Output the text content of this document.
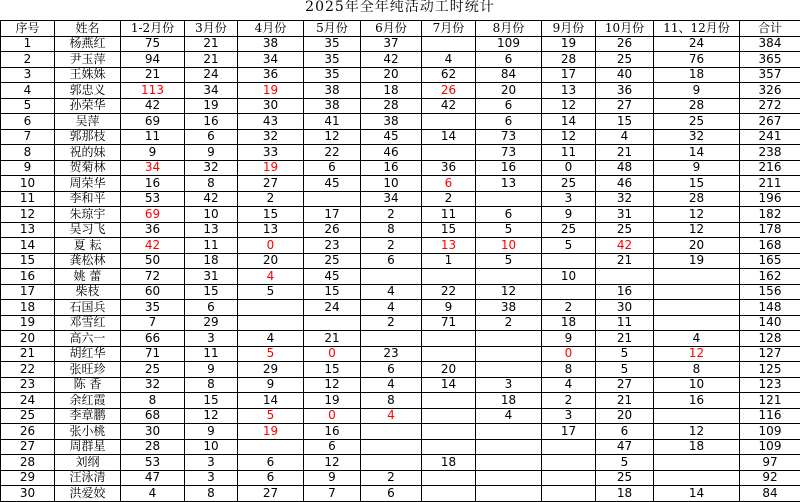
2025年全年纯活动工时统计
序号	姓名	1-2月份	3月份	4月份	5月份	6月份	7月份	8月份	9月份	10月份	11、12月份	合计
1	杨燕红	75	21	38	35	37		109	19	26	24	384
2	尹玉萍	94	21	34	35	42	4	6	28	25	76	365
3	王姝姝	21	24	36	35	20	62	84	17	40	18	357
4	郭忠义	113	34	19	38	18	26	20	13	36	9	326
5	孙荣华	42	19	30	38	28	42	6	12	27	28	272
6	吴萍	69	16	43	41	38		6	14	15	25	267
7	郭那枝	11	6	32	12	45	14	73	12	4	32	241
8	祝的妹	9	9	33	22	46		73	11	21	14	238
9	贺菊林	34	32	19	6	16	36	16	0	48	9	216
10	周荣华	16	8	27	45	10	6	13	25	46	15	211
11	李和平	53	42	2		34	2		3	32	28	196
12	朱琼宇	69	10	15	17	2	11	6	9	31	12	182
13	吴习飞	36	13	13	26	8	15	5	25	25	12	178
14	夏 耘	42	11	0	23	2	13	10	5	42	20	168
15	龚松林	50	18	20	25	6	1	5		21	19	165
16	姚 蕾	72	31	4	45				10			162
17	柴枝	60	15	5	15	4	22	12		16		156
18	石国兵	35	6		24	4	9	38	2	30		148
19	邓雪红	7	29			2	71	2	18	11		140
20	高六一	66	3	4	21				9	21	4	128
21	胡红华	71	11	5	0	23			0	5	12	127
22	张旺珍	25	9	29	15	6	20		8	5	8	125
23	陈 香	32	8	9	12	4	14	3	4	27	10	123
24	余红霞	8	15	14	19	8		18	2	21	16	121
25	李章鹏	68	12	5	0	4		4	3	20		116
26	张小桃	30	9	19	16				17	6	12	109
27	周群星	28	10		6					47	18	109
28	刘纲	53	3	6	12		18			5		97
29	汪泳清	47	3	6	9	2				25		92
30	洪爱姣	4	8	27	7	6				18	14	84
